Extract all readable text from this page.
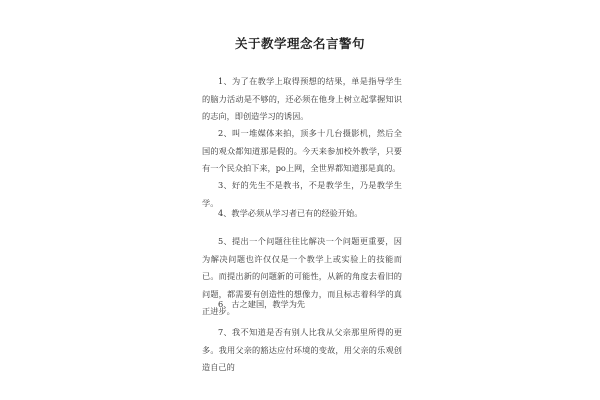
关于教学理念名言警句

1、为了在教学上取得预想的结果，单是指导学生的脑力活动是不够的，还必须在他身上树立起掌握知识的志向，即创造学习的诱因。

2、叫一堆媒体来拍，顶多十几台摄影机，然后全国的观众都知道那是假的。今天来参加校外教学，只要有一个民众拍下来，po上网，全世界都知道那是真的。

3、好的先生不是教书，不是教学生，乃是教学生学。

4、教学必须从学习者已有的经验开始。

5、提出一个问题往往比解决一个问题更重要，因为解决问题也许仅仅是一个教学上或实验上的技能而已。而提出新的问题新的可能性，从新的角度去看旧的问题，都需要有创造性的想像力，而且标志着科学的真正进步。

6、古之建国，教学为先

7、我不知道是否有别人比我从父亲那里所得的更多。我用父亲的豁达应付环境的变故，用父亲的乐观创造自己的
